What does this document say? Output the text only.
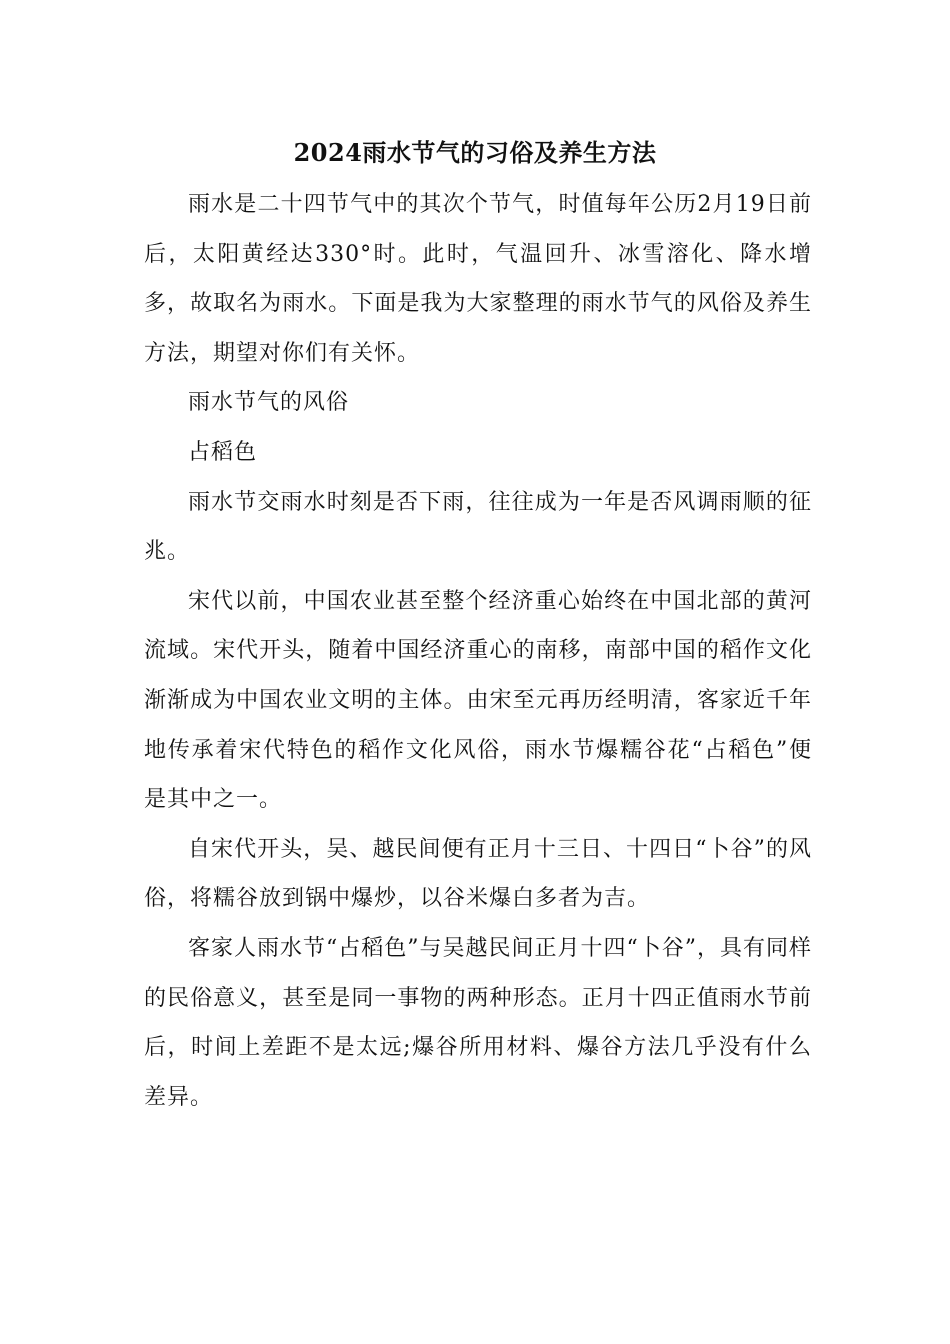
2024雨水节气的习俗及养生方法

雨水是二十四节气中的其次个节气，时值每年公历2月19日前后，太阳黄经达330°时。此时，气温回升、冰雪溶化、降水增多，故取名为雨水。下面是我为大家整理的雨水节气的风俗及养生方法，期望对你们有关怀。

雨水节气的风俗

占稻色

雨水节交雨水时刻是否下雨，往往成为一年是否风调雨顺的征兆。

宋代以前，中国农业甚至整个经济重心始终在中国北部的黄河流域。宋代开头，随着中国经济重心的南移，南部中国的稻作文化渐渐成为中国农业文明的主体。由宋至元再历经明清，客家近千年地传承着宋代特色的稻作文化风俗，雨水节爆糯谷花“占稻色”便是其中之一。

自宋代开头，吴、越民间便有正月十三日、十四日“卜谷”的风俗，将糯谷放到锅中爆炒，以谷米爆白多者为吉。

客家人雨水节“占稻色”与吴越民间正月十四“卜谷”，具有同样的民俗意义，甚至是同一事物的两种形态。正月十四正值雨水节前后，时间上差距不是太远;爆谷所用材料、爆谷方法几乎没有什么差异。
